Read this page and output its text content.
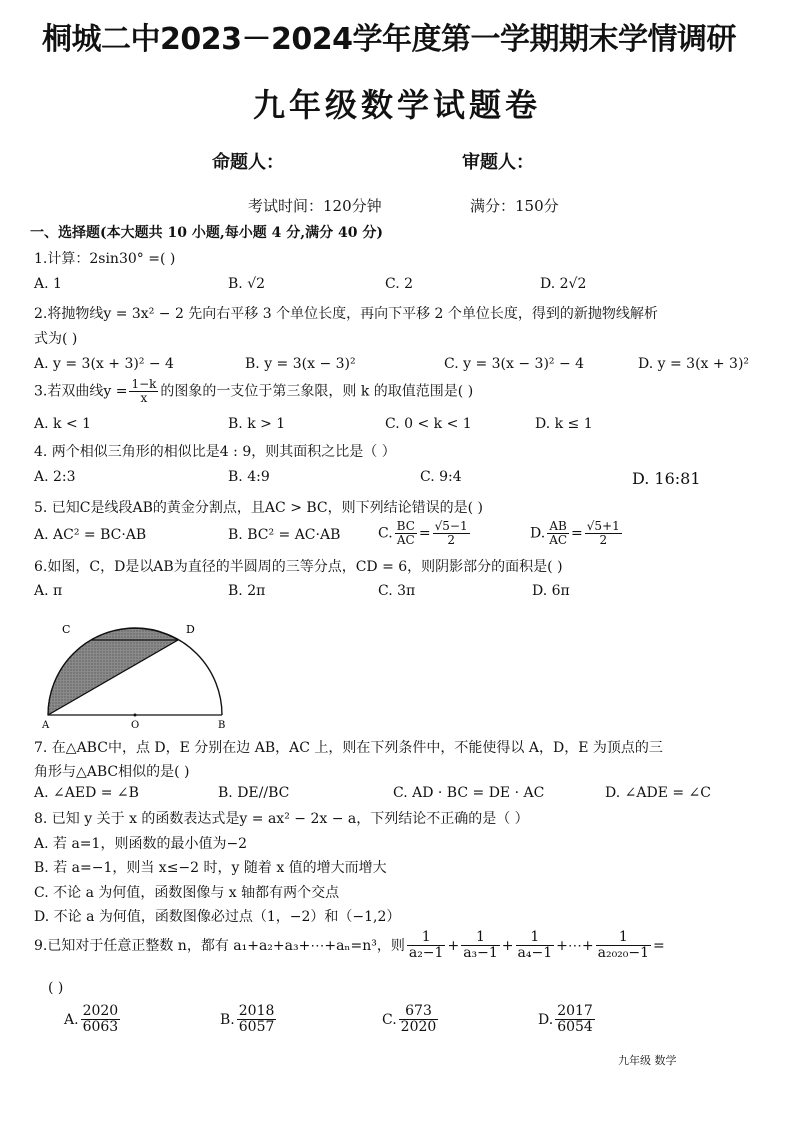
桐城二中2023－2024学年度第一学期期末学情调研
九年级数学试题卷
命题人：	审题人：
考试时间：120分钟	满分：150分
一、选择题(本大题共 10 小题,每小题 4 分,满分 40 分)
1.计算：2sin30° =( )
A. 1	B. √2	C. 2	D. 2√2
2.将抛物线y = 3x² − 2 先向右平移 3 个单位长度，再向下平移 2 个单位长度，得到的新抛物线解析
式为( )
A. y = 3(x + 3)² − 4	B. y = 3(x − 3)²	C. y = 3(x − 3)² − 4	D. y = 3(x + 3)²
3.若双曲线$y = \frac{1-k}{x}$ 的图象的一支位于第三象限，则 k 的取值范围是( )
A. k < 1	B. k > 1	C. 0 < k < 1	D. k ≤ 1
4. 两个相似三角形的相似比是4 : 9，则其面积之比是（ ）
A. 2:3	B. 4:9	C. 9:4	D. 16:81
5. 已知C是线段AB的黄金分割点，且AC > BC，则下列结论错误的是( )
A. AC² = BC·AB	B. BC² = AC·AB	C. $\frac{BC}{AC} = \frac{√5-1}{2}$	D. $\frac{AB}{AC} = \frac{√5+1}{2}$
6.如图，C，D是以AB为直径的半圆周的三等分点，CD = 6，则阴影部分的面积是( )
A. π	B. 2π	C. 3π	D. 6π
C	D
A	O	B
7. 在△ABC中，点 D，E 分别在边 AB，AC 上，则在下列条件中，不能使得以 A，D，E 为顶点的三
角形与△ABC相似的是( )
A. ∠AED = ∠B	B. DE//BC	C. AD · BC = DE · AC	D. ∠ADE = ∠C
8. 已知 y 关于 x 的函数表达式是y = ax² − 2x − a，下列结论不正确的是（ ）
A. 若 a=1，则函数的最小值为−2
B. 若 a=−1，则当 x≤−2 时，y 随着 x 值的增大而增大
C. 不论 a 为何值，函数图像与 x 轴都有两个交点
D. 不论 a 为何值，函数图像必过点（1，−2）和（−1,2）
9.已知对于任意正整数 n，都有 a₁+a₂+a₃+⋯+aₙ=n³，则 $\frac{1}{\text{a₂−1}} + \frac{1}{\text{a₃−1}} + \frac{1}{\text{a₄−1}}$ +⋯+ $\frac{1}{\text{a₂₀₂₀−1}}$ =
( )
A. $\frac{2020}{6063}$	B. $\frac{2018}{6057}$	C. $\frac{673}{2020}$	D. $\frac{2017}{6054}$
九年级 数学
